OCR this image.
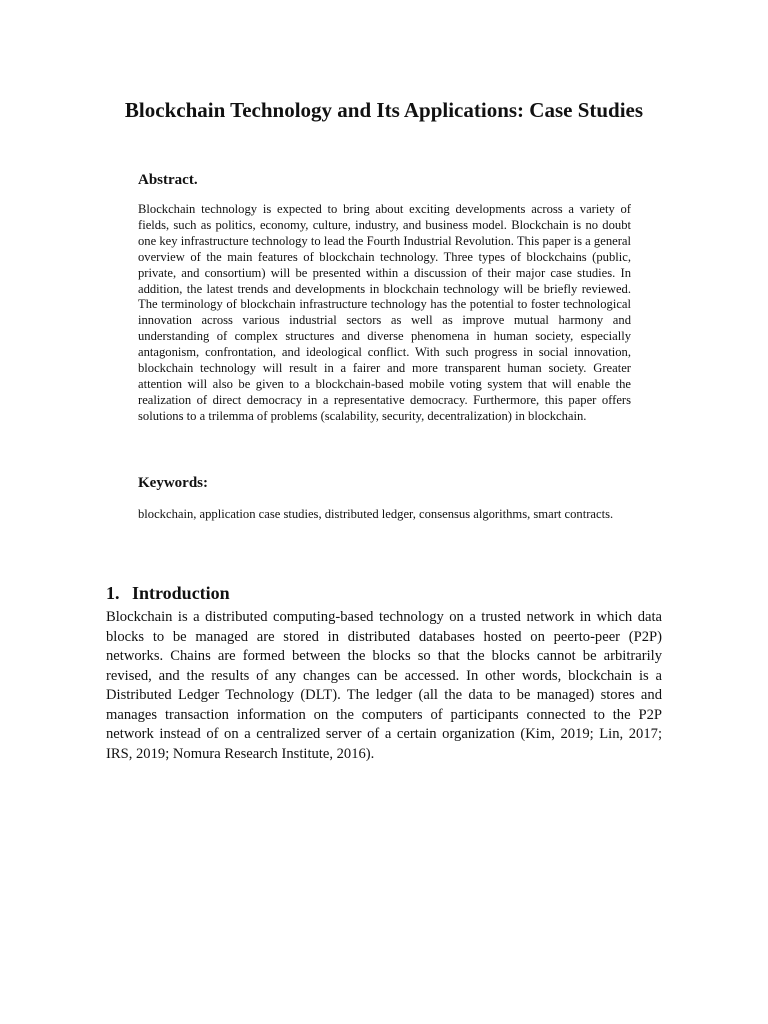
Blockchain Technology and Its Applications: Case Studies
Abstract.

Blockchain technology is expected to bring about exciting developments across a variety of fields, such as politics, economy, culture, industry, and business model. Blockchain is no doubt one key infrastructure technology to lead the Fourth Industrial Revolution. This paper is a general overview of the main features of blockchain technology. Three types of blockchains (public, private, and consortium) will be presented within a discussion of their major case studies. In addition, the latest trends and developments in blockchain technology will be briefly reviewed. The terminology of blockchain infrastructure technology has the potential to foster technological innovation across various industrial sectors as well as improve mutual harmony and understanding of complex structures and diverse phenomena in human society, especially antagonism, confrontation, and ideological conflict. With such progress in social innovation, blockchain technology will result in a fairer and more transparent human society. Greater attention will also be given to a blockchain-based mobile voting system that will enable the realization of direct democracy in a representative democracy. Furthermore, this paper offers solutions to a trilemma of problems (scalability, security, decentralization) in blockchain.

Keywords:

blockchain, application case studies, distributed ledger, consensus algorithms, smart contracts.

1. Introduction

Blockchain is a distributed computing-based technology on a trusted network in which data blocks to be managed are stored in distributed databases hosted on peerto-peer (P2P) networks. Chains are formed between the blocks so that the blocks cannot be arbitrarily revised, and the results of any changes can be accessed. In other words, blockchain is a Distributed Ledger Technology (DLT). The ledger (all the data to be managed) stores and manages transaction information on the computers of participants connected to the P2P network instead of on a centralized server of a certain organization (Kim, 2019; Lin, 2017; IRS, 2019; Nomura Research Institute, 2016).
